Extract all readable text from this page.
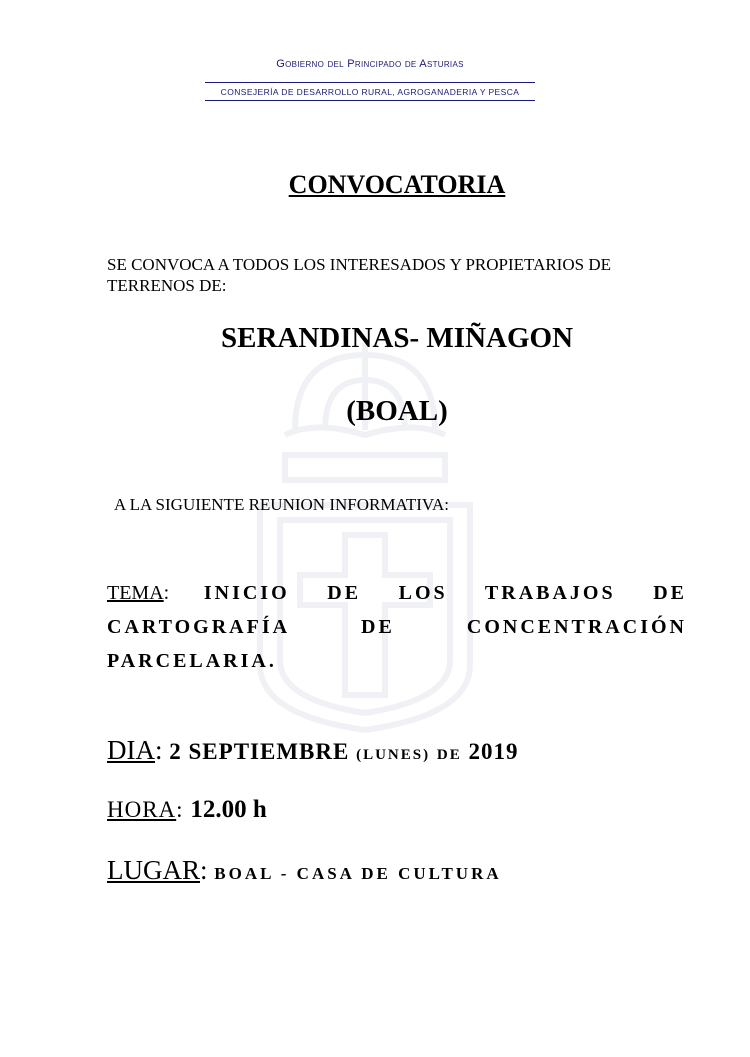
Gobierno del Principado de Asturias
CONSEJERÍA DE DESARROLLO RURAL, AGROGANADERIA Y PESCA
CONVOCATORIA
SE CONVOCA A TODOS LOS INTERESADOS Y PROPIETARIOS DE TERRENOS DE:
SERANDINAS- MIÑAGON
(BOAL)
A LA SIGUIENTE REUNION INFORMATIVA:
TEMA: INICIO DE LOS TRABAJOS DE CARTOGRAFÍA DE CONCENTRACIÓN PARCELARIA.
DIA: 2 SEPTIEMBRE (LUNES) DE 2019
HORA: 12.00 h
LUGAR: BOAL - CASA DE CULTURA
